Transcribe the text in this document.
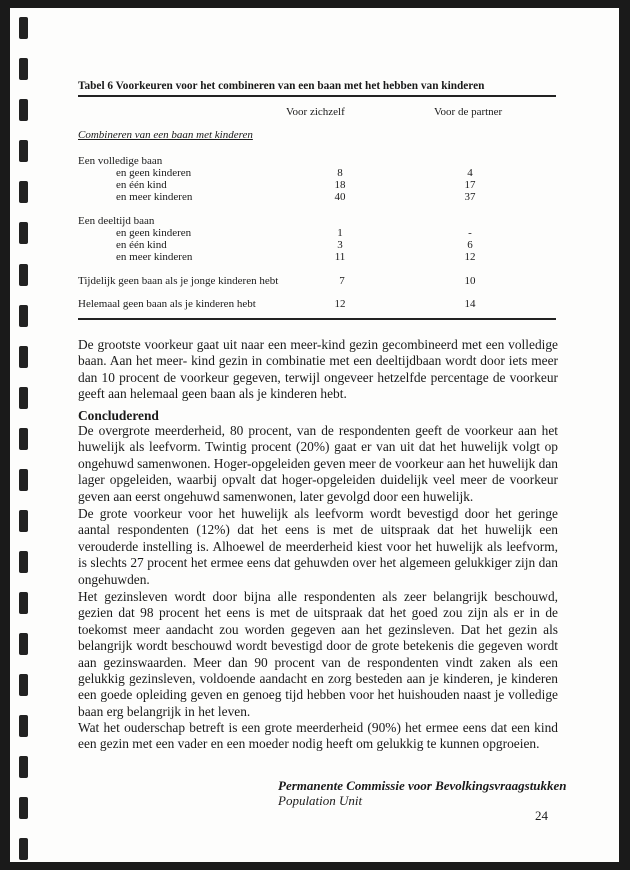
Tabel 6 Voorkeuren voor het combineren van een baan met het hebben van kinderen
Voor zichzelf	Voor de partner
Combineren van een baan met kinderen
Een volledige baan
en geen kinderen	8	4
en één kind	18	17
en meer kinderen	40	37
Een deeltijd baan
en geen kinderen	1	-
en één kind	3	6
en meer kinderen	11	12
Tijdelijk geen baan als je jonge kinderen hebt	7	10
Helemaal geen baan als je kinderen hebt	12	14
De grootste voorkeur gaat uit naar een meer-kind gezin gecombineerd met een volledige baan. Aan het meer- kind gezin in combinatie met een deeltijdbaan wordt door iets meer dan 10 procent de voorkeur gegeven, terwijl ongeveer hetzelfde percentage de voorkeur geeft aan helemaal geen baan als je kinderen hebt.
Concluderend
De overgrote meerderheid, 80 procent, van de respondenten geeft de voorkeur aan het huwelijk als leefvorm. Twintig procent (20%) gaat er van uit dat het huwelijk volgt op ongehuwd samenwonen. Hoger-opgeleiden geven meer de voorkeur aan het huwelijk dan lager opgeleiden, waarbij opvalt dat hoger-opgeleiden duidelijk veel meer de voorkeur geven aan eerst ongehuwd samenwonen, later gevolgd door een huwelijk.
De grote voorkeur voor het huwelijk als leefvorm wordt bevestigd door het geringe aantal respondenten (12%) dat het eens is met de uitspraak dat het huwelijk een verouderde instelling is. Alhoewel de meerderheid kiest voor het huwelijk als leefvorm, is slechts 27 procent het ermee eens dat gehuwden over het algemeen gelukkiger zijn dan ongehuwden.
Het gezinsleven wordt door bijna alle respondenten als zeer belangrijk beschouwd, gezien dat 98 procent het eens is met de uitspraak dat het goed zou zijn als er in de toekomst meer aandacht zou worden gegeven aan het gezinsleven. Dat het gezin als belangrijk wordt beschouwd wordt bevestigd door de grote betekenis die gegeven wordt aan gezinswaarden. Meer dan 90 procent van de respondenten vindt zaken als een gelukkig gezinsleven, voldoende aandacht en zorg besteden aan je kinderen, je kinderen een goede opleiding geven en genoeg tijd hebben voor het huishouden naast je volledige baan erg belangrijk in het leven.
Wat het ouderschap betreft is een grote meerderheid (90%) het ermee eens dat een kind een gezin met een vader en een moeder nodig heeft om gelukkig te kunnen opgroeien.
Permanente Commissie voor Bevolkingsvraagstukken
Population Unit
24
